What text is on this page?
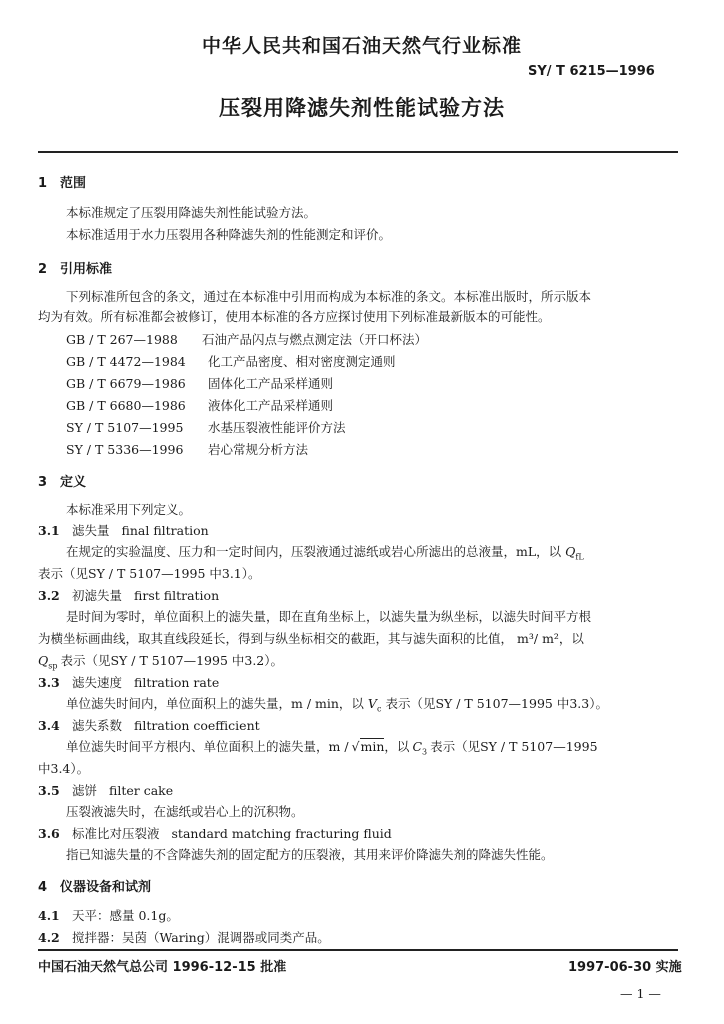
中华人民共和国石油天然气行业标准
SY/ T 6215—1996
压裂用降滤失剂性能试验方法
1 范围
本标准规定了压裂用降滤失剂性能试验方法。
本标准适用于水力压裂用各种降滤失剂的性能测定和评价。
2 引用标准
下列标准所包含的条文，通过在本标准中引用而构成为本标准的条文。本标准出版时，所示版本
均为有效。所有标准都会被修订，使用本标准的各方应探讨使用下列标准最新版本的可能性。
GB / T 267—1988 石油产品闪点与燃点测定法（开口杯法）
GB / T 4472—1984 化工产品密度、相对密度测定通则
GB / T 6679—1986 固体化工产品采样通则
GB / T 6680—1986 液体化工产品采样通则
SY / T 5107—1995 水基压裂液性能评价方法
SY / T 5336—1996 岩心常规分析方法
3 定义
本标准采用下列定义。
3.1 滤失量 final filtration
在规定的实验温度、压力和一定时间内，压裂液通过滤纸或岩心所滤出的总液量，mL，以 $Q_{fL}$
表示（见SY / T 5107—1995 中3.1）。
3.2 初滤失量 first filtration
是时间为零时，单位面积上的滤失量，即在直角坐标上，以滤失量为纵坐标，以滤失时间平方根
为横坐标画曲线，取其直线段延长，得到与纵坐标相交的截距，其与滤失面积的比值， m³/ m²，以
$Q_{sp}$ 表示（见SY / T 5107—1995 中3.2）。
3.3 滤失速度 filtration rate
单位滤失时间内，单位面积上的滤失量，m / min，以 $V_c$ 表示（见SY / T 5107—1995 中3.3）。
3.4 滤失系数 filtration coefficient
单位滤失时间平方根内、单位面积上的滤失量，m / √min，以 $C_3$ 表示（见SY / T 5107—1995
中3.4）。
3.5 滤饼 filter cake
压裂液滤失时，在滤纸或岩心上的沉积物。
3.6 标准比对压裂液 standard matching fracturing fluid
指已知滤失量的不含降滤失剂的固定配方的压裂液，其用来评价降滤失剂的降滤失性能。
4 仪器设备和试剂
4.1 天平：感量 0.1g。
4.2 搅拌器：吴茵（Waring）混调器或同类产品。
中国石油天然气总公司 1996-12-15 批准	1997-06-30 实施
— 1 —
